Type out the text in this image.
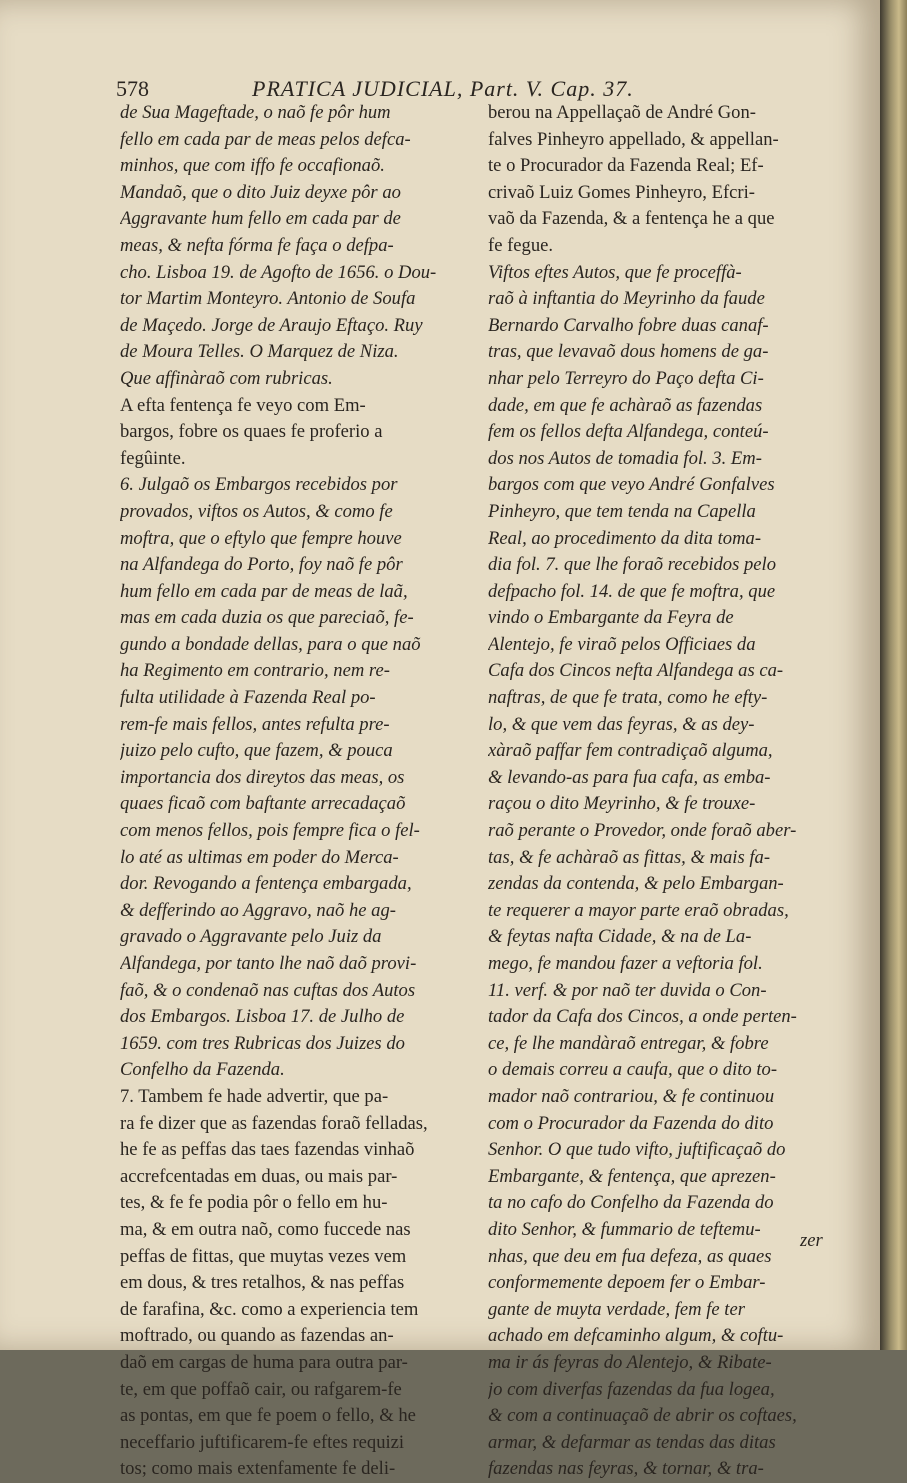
578	PRATICA JUDICIAL, Part. V. Cap. 37.
de Sua Mageftade, o naõ fe pôr hum
fello em cada par de meas pelos defca-
minhos, que com iffo fe occafionaõ.
Mandaõ, que o dito Juiz deyxe pôr ao
Aggravante hum fello em cada par de
meas, & nefta fórma fe faça o defpa-
cho. Lisboa 19. de Agofto de 1656. o Dou-
tor Martim Monteyro. Antonio de Soufa
de Maçedo. Jorge de Araujo Eftaço. Ruy
de Moura Telles. O Marquez de Niza.
Que affinàraõ com rubricas.
A efta fentença fe veyo com Em-
bargos, fobre os quaes fe proferio a
fegûinte.
6. Julgaõ os Embargos recebidos por
provados, viftos os Autos, & como fe
moftra, que o eftylo que fempre houve
na Alfandega do Porto, foy naõ fe pôr
hum fello em cada par de meas de laã,
mas em cada duzia os que pareciaõ, fe-
gundo a bondade dellas, para o que naõ
ha Regimento em contrario, nem re-
fulta utilidade à Fazenda Real po-
rem-fe mais fellos, antes refulta pre-
juizo pelo cufto, que fazem, & pouca
importancia dos direytos das meas, os
quaes ficaõ com baftante arrecadaçaõ
com menos fellos, pois fempre fica o fel-
lo até as ultimas em poder do Merca-
dor. Revogando a fentença embargada,
& defferindo ao Aggravo, naõ he ag-
gravado o Aggravante pelo Juiz da
Alfandega, por tanto lhe naõ daõ provi-
faõ, & o condenaõ nas cuftas dos Autos
dos Embargos. Lisboa 17. de Julho de
1659. com tres Rubricas dos Juizes do
Confelho da Fazenda.
7. Tambem fe hade advertir, que pa-
ra fe dizer que as fazendas foraõ felladas,
he fe as peffas das taes fazendas vinhaõ
accrefcentadas em duas, ou mais par-
tes, & fe fe podia pôr o fello em hu-
ma, & em outra naõ, como fuccede nas
peffas de fittas, que muytas vezes vem
em dous, & tres retalhos, & nas peffas
de farafina, &c. como a experiencia tem
moftrado, ou quando as fazendas an-
daõ em cargas de huma para outra par-
te, em que poffaõ cair, ou rafgarem-fe
as pontas, em que fe poem o fello, & he
neceffario juftificarem-fe eftes requizi
tos; como mais extenfamente fe deli-
berou na Appellaçaõ de André Gon-
falves Pinheyro appellado, & appellan-
te o Procurador da Fazenda Real; Ef-
crivaõ Luiz Gomes Pinheyro, Efcri-
vaõ da Fazenda, & a fentença he a que
fe fegue.
Viftos eftes Autos, que fe proceffà-
raõ à inftantia do Meyrinho da faude
Bernardo Carvalho fobre duas canaf-
tras, que levavaõ dous homens de ga-
nhar pelo Terreyro do Paço defta Ci-
dade, em que fe achàraõ as fazendas
fem os fellos defta Alfandega, conteú-
dos nos Autos de tomadia fol. 3. Em-
bargos com que veyo André Gonfalves
Pinheyro, que tem tenda na Capella
Real, ao procedimento da dita toma-
dia fol. 7. que lhe foraõ recebidos pelo
defpacho fol. 14. de que fe moftra, que
vindo o Embargante da Feyra de
Alentejo, fe viraõ pelos Officiaes da
Cafa dos Cincos nefta Alfandega as ca-
naftras, de que fe trata, como he efty-
lo, & que vem das feyras, & as dey-
xàraõ paffar fem contradiçaõ alguma,
& levando-as para fua cafa, as emba-
raçou o dito Meyrinho, & fe trouxe-
raõ perante o Provedor, onde foraõ aber-
tas, & fe achàraõ as fittas, & mais fa-
zendas da contenda, & pelo Embargan-
te requerer a mayor parte eraõ obradas,
& feytas nafta Cidade, & na de La-
mego, fe mandou fazer a veftoria fol.
11. verf. & por naõ ter duvida o Con-
tador da Cafa dos Cincos, a onde perten-
ce, fe lhe mandàraõ entregar, & fobre
o demais correu a caufa, que o dito to-
mador naõ contrariou, & fe continuou
com o Procurador da Fazenda do dito
Senhor. O que tudo vifto, juftificaçaõ do
Embargante, & fentença, que aprezen-
ta no cafo do Confelho da Fazenda do
dito Senhor, & fummario de teftemu-
nhas, que deu em fua defeza, as quaes
conformemente depoem fer o Embar-
gante de muyta verdade, fem fe ter
achado em defcaminho algum, & coftu-
ma ir ás feyras do Alentejo, & Ribate-
jo com diverfas fazendas da fua logea,
& com a continuaçaõ de abrir os coftaes,
armar, & defarmar as tendas das ditas
fazendas nas feyras, & tornar, & tra-
zer
